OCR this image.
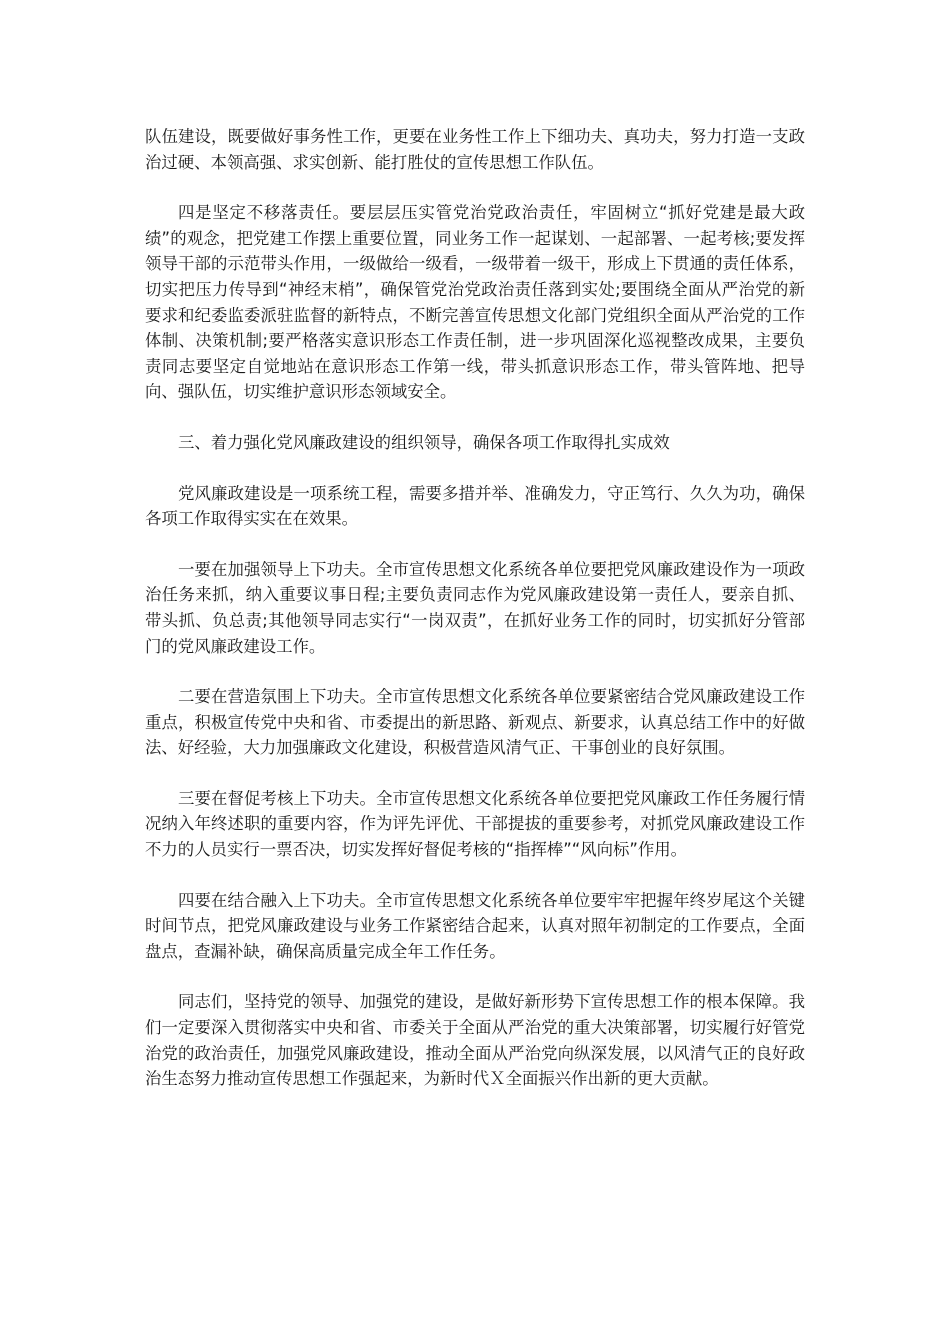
队伍建设，既要做好事务性工作，更要在业务性工作上下细功夫、真功夫，努力打造一支政治过硬、本领高强、求实创新、能打胜仗的宣传思想工作队伍。

四是坚定不移落责任。要层层压实管党治党政治责任，牢固树立“抓好党建是最大政绩”的观念，把党建工作摆上重要位置，同业务工作一起谋划、一起部署、一起考核;要发挥领导干部的示范带头作用，一级做给一级看，一级带着一级干，形成上下贯通的责任体系，切实把压力传导到“神经末梢”，确保管党治党政治责任落到实处;要围绕全面从严治党的新要求和纪委监委派驻监督的新特点，不断完善宣传思想文化部门党组织全面从严治党的工作体制、决策机制;要严格落实意识形态工作责任制，进一步巩固深化巡视整改成果，主要负责同志要坚定自觉地站在意识形态工作第一线，带头抓意识形态工作，带头管阵地、把导向、强队伍，切实维护意识形态领域安全。

三、着力强化党风廉政建设的组织领导，确保各项工作取得扎实成效

党风廉政建设是一项系统工程，需要多措并举、准确发力，守正笃行、久久为功，确保各项工作取得实实在在效果。

一要在加强领导上下功夫。全市宣传思想文化系统各单位要把党风廉政建设作为一项政治任务来抓，纳入重要议事日程;主要负责同志作为党风廉政建设第一责任人，要亲自抓、带头抓、负总责;其他领导同志实行“一岗双责”，在抓好业务工作的同时，切实抓好分管部门的党风廉政建设工作。

二要在营造氛围上下功夫。全市宣传思想文化系统各单位要紧密结合党风廉政建设工作重点，积极宣传党中央和省、市委提出的新思路、新观点、新要求，认真总结工作中的好做法、好经验，大力加强廉政文化建设，积极营造风清气正、干事创业的良好氛围。

三要在督促考核上下功夫。全市宣传思想文化系统各单位要把党风廉政工作任务履行情况纳入年终述职的重要内容，作为评先评优、干部提拔的重要参考，对抓党风廉政建设工作不力的人员实行一票否决，切实发挥好督促考核的“指挥棒”“风向标”作用。

四要在结合融入上下功夫。全市宣传思想文化系统各单位要牢牢把握年终岁尾这个关键时间节点，把党风廉政建设与业务工作紧密结合起来，认真对照年初制定的工作要点，全面盘点，查漏补缺，确保高质量完成全年工作任务。

同志们，坚持党的领导、加强党的建设，是做好新形势下宣传思想工作的根本保障。我们一定要深入贯彻落实中央和省、市委关于全面从严治党的重大决策部署，切实履行好管党治党的政治责任，加强党风廉政建设，推动全面从严治党向纵深发展，以风清气正的良好政治生态努力推动宣传思想工作强起来，为新时代Ｘ全面振兴作出新的更大贡献。
